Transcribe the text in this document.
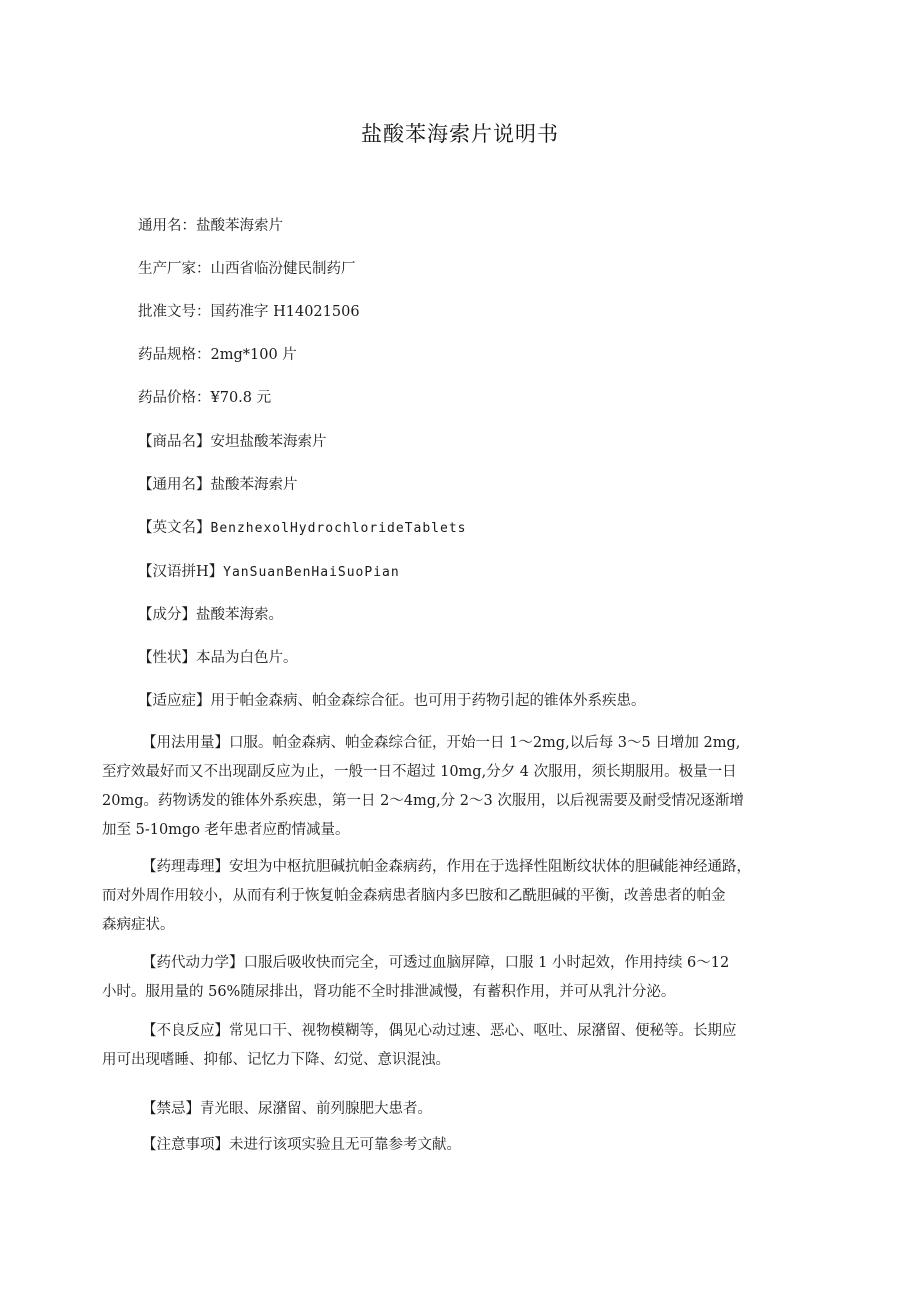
盐酸苯海索片说明书
通用名：盐酸苯海索片
生产厂家：山西省临汾健民制药厂
批准文号：国药准字 H14021506
药品规格：2mg*100 片
药品价格：¥70.8 元
【商品名】安坦盐酸苯海索片
【通用名】盐酸苯海索片
【英文名】BenzhexolHydrochlorideTablets
【汉语拼H】YanSuanBenHaiSuoPian
【成分】盐酸苯海索。
【性状】本品为白色片。
【适应症】用于帕金森病、帕金森综合征。也可用于药物引起的锥体外系疾患。
【用法用量】口服。帕金森病、帕金森综合征，开始一日 1〜2mg,以后每 3〜5 日增加 2mg,
至疗效最好而又不出现副反应为止，一般一日不超过 10mg,分夕 4 次服用，须长期服用。极量一日
20mg。药物诱发的锥体外系疾患，第一日 2〜4mg,分 2〜3 次服用，以后视需要及耐受情况逐渐增
加至 5-10mgo 老年患者应酌情减量。
【药理毒理】安坦为中枢抗胆碱抗帕金森病药，作用在于选择性阻断纹状体的胆碱能神经通路，
而对外周作用较小，从而有利于恢复帕金森病患者脑内多巴胺和乙酰胆碱的平衡，改善患者的帕金
森病症状。
【药代动力学】口服后吸收快而完全，可透过血脑屏障，口服 1 小时起效，作用持续 6〜12
小时。服用量的 56%随尿排出，肾功能不全时排泄减慢，有蓄积作用，并可从乳汁分泌。
【不良反应】常见口干、视物模糊等，偶见心动过速、恶心、呕吐、尿潴留、便秘等。长期应
用可出现嗜睡、抑郁、记忆力下降、幻觉、意识混浊。
【禁忌】青光眼、尿潴留、前列腺肥大患者。
【注意事项】未进行该项实验且无可靠参考文献。
